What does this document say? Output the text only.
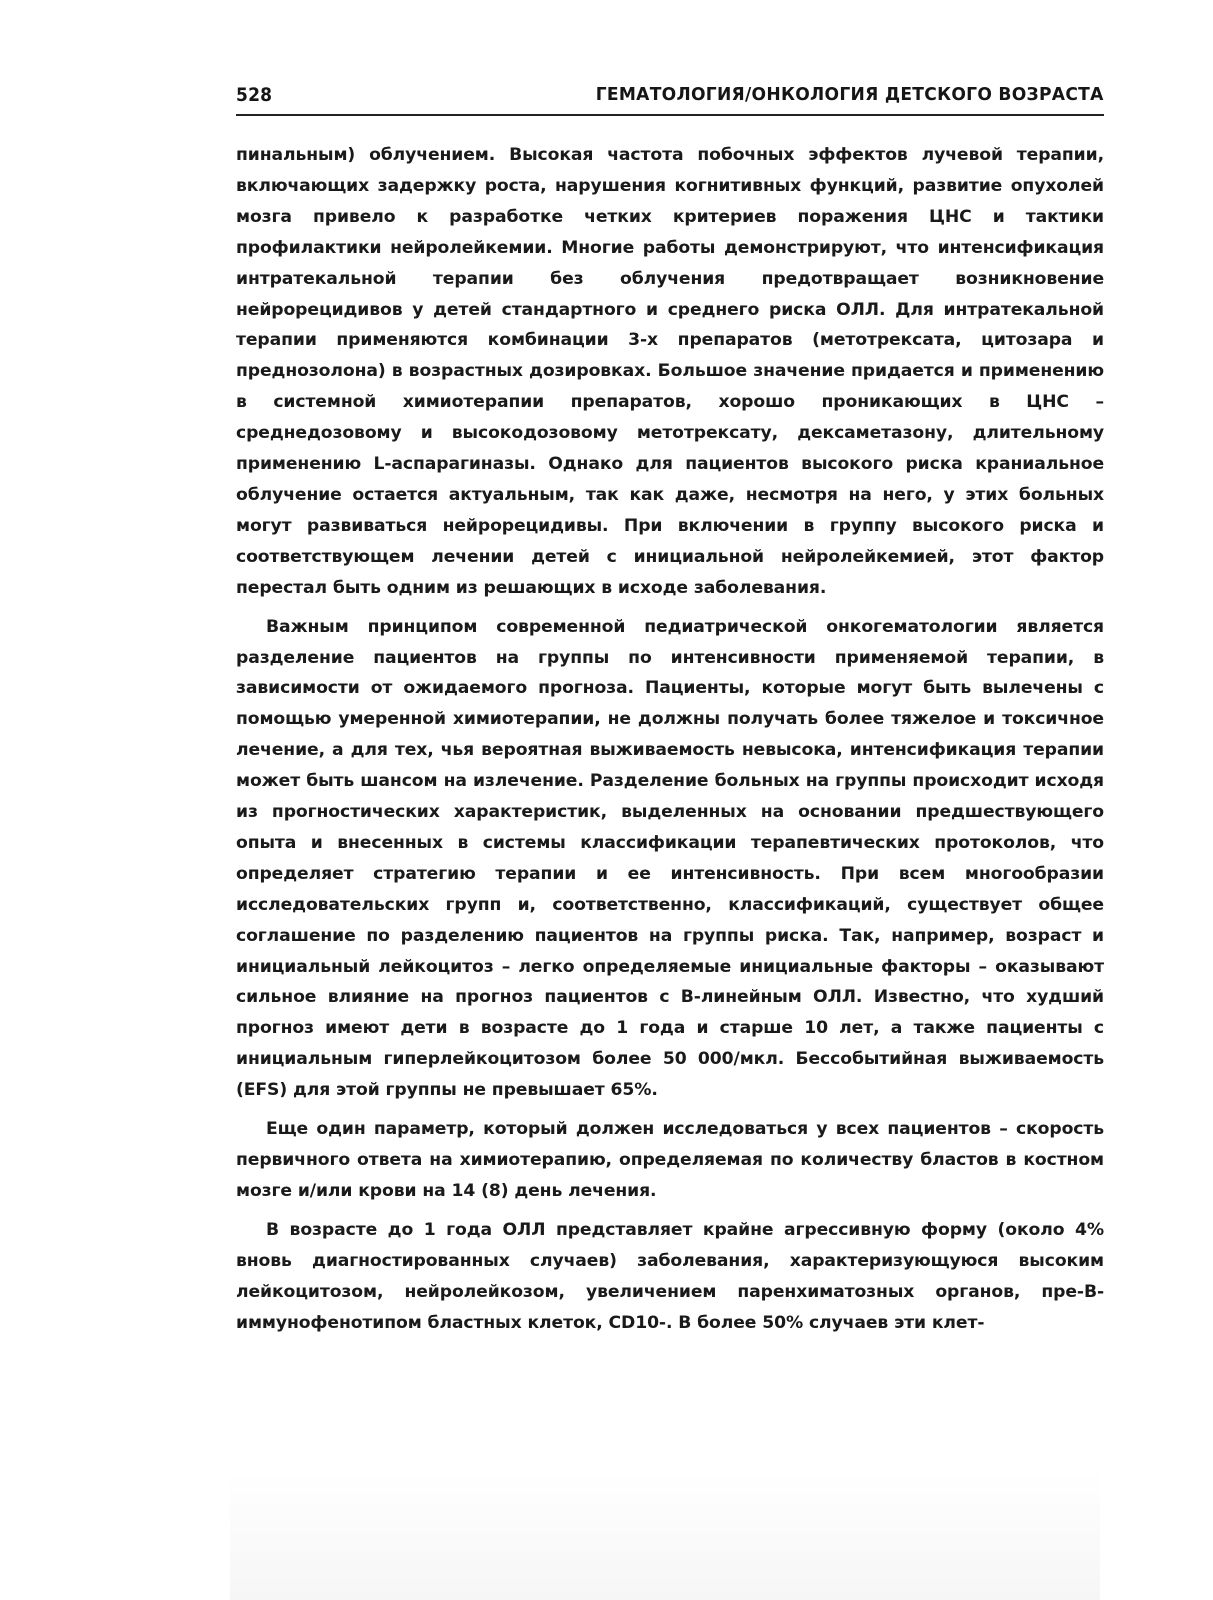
528	ГЕМАТОЛОГИЯ/ОНКОЛОГИЯ ДЕТСКОГО ВОЗРАСТА

пинальным) облучением. Высокая частота побочных эффектов лучевой терапии, включающих задержку роста, нарушения когнитивных функций, развитие опухолей мозга привело к разработке четких критериев поражения ЦНС и тактики профилактики нейролейкемии. Многие работы демонстрируют, что интенсификация интратекальной терапии без облучения предотвращает возникновение нейрорецидивов у детей стандартного и среднего риска ОЛЛ. Для интратекальной терапии применяются комбинации 3-х препаратов (метотрексата, цитозара и преднозолона) в возрастных дозировках. Большое значение придается и применению в системной химиотерапии препаратов, хорошо проникающих в ЦНС – среднедозовому и высокодозовому метотрексату, дексаметазону, длительному применению L-аспарагиназы. Однако для пациентов высокого риска краниальное облучение остается актуальным, так как даже, несмотря на него, у этих больных могут развиваться нейрорецидивы. При включении в группу высокого риска и соответствующем лечении детей с инициальной нейролейкемией, этот фактор перестал быть одним из решающих в исходе заболевания.

Важным принципом современной педиатрической онкогематологии является разделение пациентов на группы по интенсивности применяемой терапии, в зависимости от ожидаемого прогноза. Пациенты, которые могут быть вылечены с помощью умеренной химиотерапии, не должны получать более тяжелое и токсичное лечение, а для тех, чья вероятная выживаемость невысока, интенсификация терапии может быть шансом на излечение. Разделение больных на группы происходит исходя из прогностических характеристик, выделенных на основании предшествующего опыта и внесенных в системы классификации терапевтических протоколов, что определяет стратегию терапии и ее интенсивность. При всем многообразии исследовательских групп и, соответственно, классификаций, существует общее соглашение по разделению пациентов на группы риска. Так, например, возраст и инициальный лейкоцитоз – легко определяемые инициальные факторы – оказывают сильное влияние на прогноз пациентов с B-линейным ОЛЛ. Известно, что худший прогноз имеют дети в возрасте до 1 года и старше 10 лет, а также пациенты с инициальным гиперлейкоцитозом более 50 000/мкл. Бессобытийная выживаемость (EFS) для этой группы не превышает 65%.

Еще один параметр, который должен исследоваться у всех пациентов – скорость первичного ответа на химиотерапию, определяемая по количеству бластов в костном мозге и/или крови на 14 (8) день лечения.

В возрасте до 1 года ОЛЛ представляет крайне агрессивную форму (около 4% вновь диагностированных случаев) заболевания, характеризующуюся высоким лейкоцитозом, нейролейкозом, увеличением паренхиматозных органов, пре-B-иммунофенотипом бластных клеток, CD10-. В более 50% случаев эти клет-
